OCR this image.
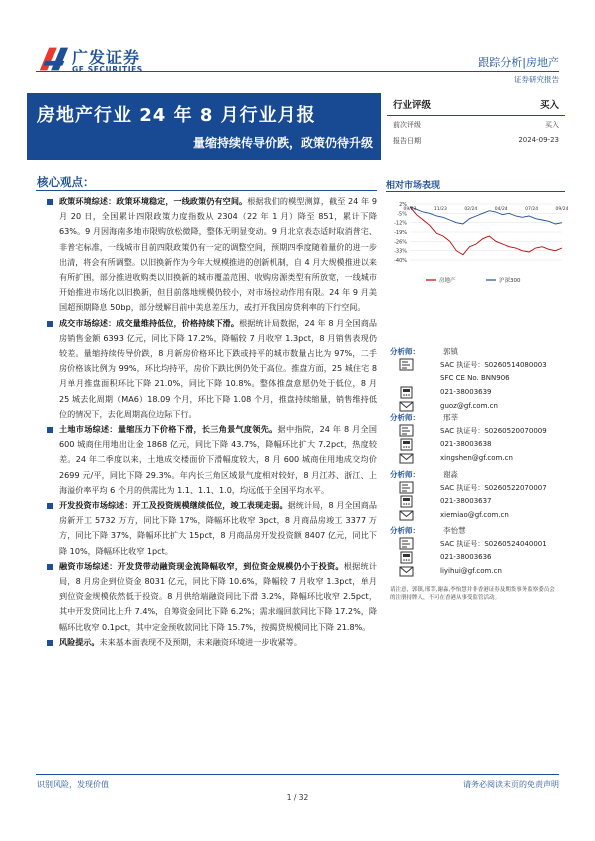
广发证券
GF SECURITIES
跟踪分析|房地产
证券研究报告
房地产行业 24 年 8 月行业月报
量缩持续传导价跌，政策仍待升级
行业评级	买入
前次评级	买入
报告日期	2024-09-23
核心观点：
政策环境综述：政策环境稳定，一线政策仍有空间。根据我们的模型测算，截至 24 年 9 月 20 日，全国累计四限政策力度指数从 2304（22 年 1 月）降至 851，累计下降 63%。9 月因海南多地市限购放松微降，整体无明显变动。9 月北京表态适时取消普宅、非普宅标准，一线城市目前四限政策仍有一定的调整空间，预期四季度随着量价的进一步出清，将会有所调整。以旧换新作为今年大规模推进的创新机制，自 4 月大规模推进以来有所扩围，部分推进收购类以旧换新的城市覆盖范围、收购房源类型有所放宽，一线城市开始推进市场化以旧换新，但目前落地规模仍较小，对市场拉动作用有限。24 年 9 月美国超预期降息 50bp，部分缓解目前中美息差压力，或打开我国房贷利率的下行空间。
成交市场综述：成交量维持低位，价格持续下滑。根据统计局数据，24 年 8 月全国商品房销售金额 6393 亿元，同比下降 17.2%，降幅较 7 月收窄 1.3pct，8 月销售表现仍较差。量缩持续传导价跌，8 月新房价格环比下跌或持平的城市数量占比为 97%，二手房价格该比例为 99%，环比均持平，房价下跌比例仍处于高位。推盘方面，25 城住宅 8 月单月推盘面积环比下降 21.0%，同比下降 10.8%。整体推盘意愿仍处于低位，8 月 25 城去化周期（MA6）18.09 个月，环比下降 1.08 个月，推盘持续缩量，销售维持低位的情况下，去化周期高位边际下行。
土地市场综述：量缩压力下价格下滑，长三角景气度领先。据中指院，24 年 8 月全国 600 城商住用地出让金 1868 亿元，同比下降 43.7%，降幅环比扩大 7.2pct，热度较差。24 年二季度以来，土地成交楼面价下滑幅度较大，8 月 600 城商住用地成交均价 2699 元/平，同比下降 29.3%。年内长三角区域景气度相对较好，8 月江苏、浙江、上海溢价率平均 6 个月的供需比为 1.1、1.1、1.0，均远低于全国平均水平。
开发投资市场综述：开工及投资规模继续低位，竣工表现走弱。据统计局，8 月全国商品房新开工 5732 万方，同比下降 17%，降幅环比收窄 3pct，8 月商品房竣工 3377 万方，同比下降 37%，降幅环比扩大 15pct，8 月商品房开发投资额 8407 亿元，同比下降 10%，降幅环比收窄 1pct。
融资市场综述：开发贷带动融资现金流降幅收窄，到位资金规模仍小于投资。根据统计局，8 月房企到位资金 8031 亿元，同比下降 10.6%，降幅较 7 月收窄 1.3pct，单月到位资金规模依然低于投资。8 月供给端融资同比下滑 3.2%，降幅环比收窄 2.5pct，其中开发贷同比上升 7.4%，自筹资金同比下降 6.2%；需求端回款同比下降 17.2%，降幅环比收窄 0.1pct，其中定金预收款同比下降 15.7%，按揭贷规模同比下降 21.8%。
风险提示。未来基本面表现不及预期，未来融资环境进一步收紧等。
相对市场表现
2%
-5%
-12%
-19%
-26%
-33%
-40%
09/23	11/23	02/24	04/24	07/24	09/24
房地产	沪深300
分析师：	郭镇
SAC 执证号：S0260514080003
SFC CE No. BNN906
021-38003639
guoz@gf.com.cn
分析师：	邢莘
SAC 执证号：S0260520070009
021-38003638
xingshen@gf.com.cn
分析师：	谢淼
SAC 执证号：S0260522070007
021-38003637
xiemiao@gf.com.cn
分析师：	李怡慧
SAC 执证号：S0260524040001
021-38003636
liyihui@gf.com.cn
请注意，郭镇,邢莘,谢淼,李怡慧并非香港证券及期货事务监察委员会的注册持牌人，不可在香港从事受监管活动。
识别风险，发现价值	请务必阅读末页的免责声明
1 / 32
